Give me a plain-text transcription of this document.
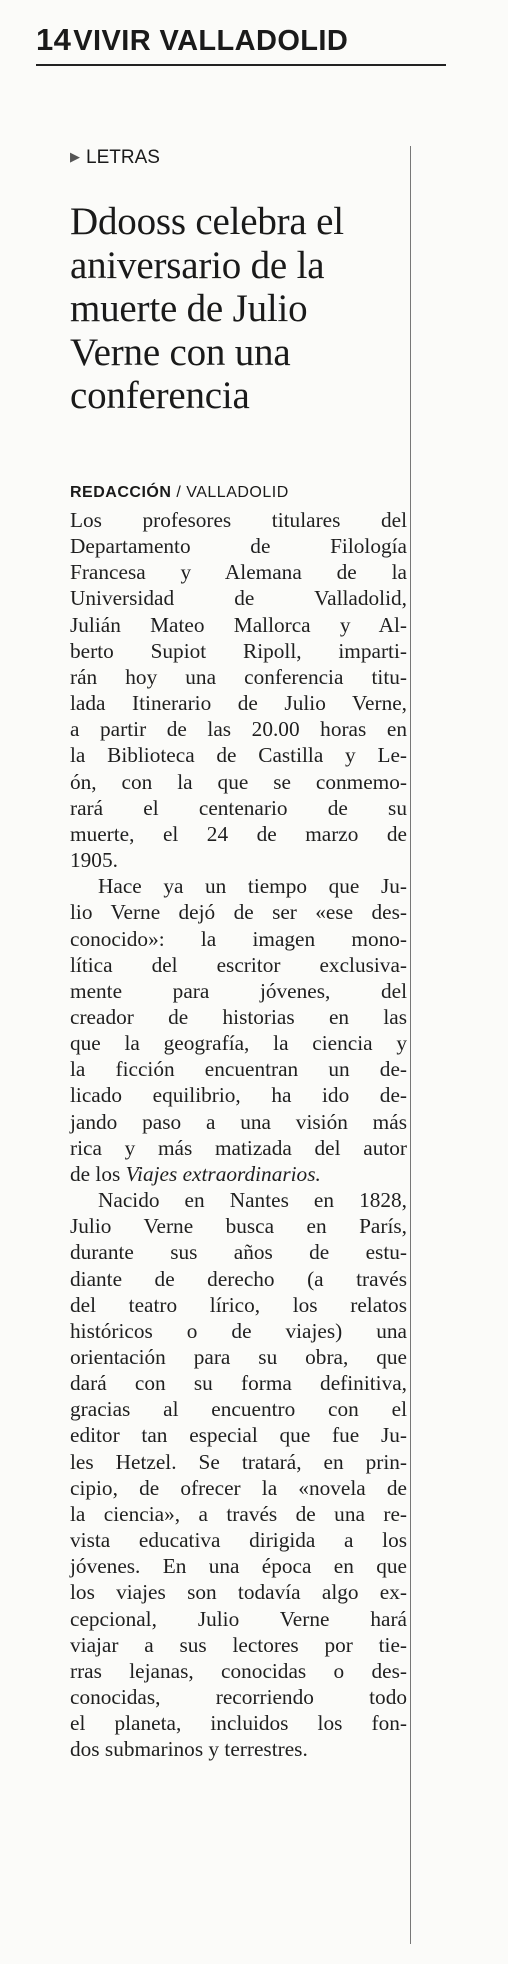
14VIVIR VALLADOLID
▶ LETRAS
Ddooss celebra el
aniversario de la
muerte de Julio
Verne con una
conferencia
REDACCIÓN / VALLADOLID

Los profesores titulares del

Departamento de Filología

Francesa y Alemana de la

Universidad de Valladolid,

Julián Mateo Mallorca y Al-

berto Supiot Ripoll, imparti-

rán hoy una conferencia titu-

lada Itinerario de Julio Verne,

a partir de las 20.00 horas en

la Biblioteca de Castilla y Le-

ón, con la que se conmemo-

rará el centenario de su

muerte, el 24 de marzo de

1905.

Hace ya un tiempo que Ju-

lio Verne dejó de ser «ese des-

conocido»: la imagen mono-

lítica del escritor exclusiva-

mente para jóvenes, del

creador de historias en las

que la geografía, la ciencia y

la ficción encuentran un de-

licado equilibrio, ha ido de-

jando paso a una visión más

rica y más matizada del autor

de los Viajes extraordinarios.

Nacido en Nantes en 1828,

Julio Verne busca en París,

durante sus años de estu-

diante de derecho (a través

del teatro lírico, los relatos

históricos o de viajes) una

orientación para su obra, que

dará con su forma definitiva,

gracias al encuentro con el

editor tan especial que fue Ju-

les Hetzel. Se tratará, en prin-

cipio, de ofrecer la «novela de

la ciencia», a través de una re-

vista educativa dirigida a los

jóvenes. En una época en que

los viajes son todavía algo ex-

cepcional, Julio Verne hará

viajar a sus lectores por tie-

rras lejanas, conocidas o des-

conocidas, recorriendo todo

el planeta, incluidos los fon-

dos submarinos y terrestres.
